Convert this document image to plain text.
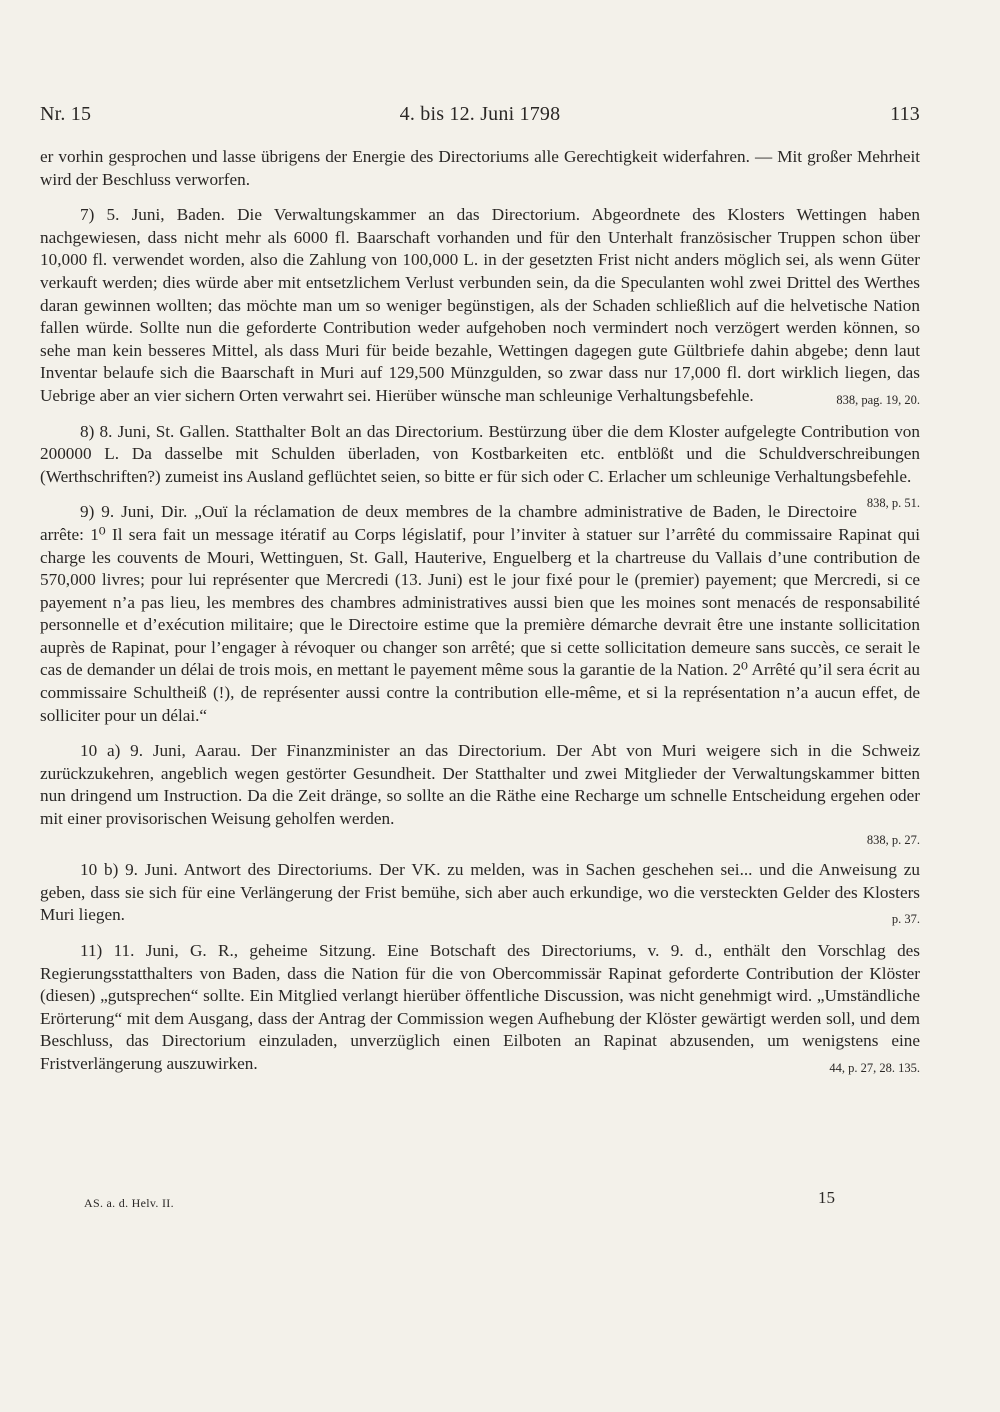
Nr. 15	4. bis 12. Juni 1798	113

er vorhin gesprochen und lasse übrigens der Energie des Directoriums alle Gerechtigkeit widerfahren. — Mit großer Mehrheit wird der Beschluss verworfen.

7) 5. Juni, Baden. Die Verwaltungskammer an das Directorium. Abgeordnete des Klosters Wettingen haben nachgewiesen, dass nicht mehr als 6000 fl. Baarschaft vorhanden und für den Unterhalt französischer Truppen schon über 10,000 fl. verwendet worden, also die Zahlung von 100,000 L. in der gesetzten Frist nicht anders möglich sei, als wenn Güter verkauft werden; dies würde aber mit entsetzlichem Verlust verbunden sein, da die Speculanten wohl zwei Drittel des Werthes daran gewinnen wollten; das möchte man um so weniger begünstigen, als der Schaden schließlich auf die helvetische Nation fallen würde. Sollte nun die geforderte Contribution weder aufgehoben noch vermindert noch verzögert werden können, so sehe man kein besseres Mittel, als dass Muri für beide bezahle, Wettingen dagegen gute Gültbriefe dahin abgebe; denn laut Inventar belaufe sich die Baarschaft in Muri auf 129,500 Münzgulden, so zwar dass nur 17,000 fl. dort wirklich liegen, das Uebrige aber an vier sichern Orten verwahrt sei. Hierüber wünsche man schleunige Verhaltungsbefehle.	838, pag. 19, 20.

8) 8. Juni, St. Gallen. Statthalter Bolt an das Directorium. Bestürzung über die dem Kloster aufgelegte Contribution von 200000 L. Da dasselbe mit Schulden überladen, von Kostbarkeiten etc. entblößt und die Schuldverschreibungen (Werthschriften?) zumeist ins Ausland geflüchtet seien, so bitte er für sich oder C. Erlacher um schleunige Verhaltungsbefehle.
838, p. 51.

9) 9. Juni, Dir. „Ouï la réclamation de deux membres de la chambre administrative de Baden, le Directoire arrête: 1⁰ Il sera fait un message itératif au Corps législatif, pour l’inviter à statuer sur l’arrêté du commissaire Rapinat qui charge les couvents de Mouri, Wettinguen, St. Gall, Hauterive, Enguelberg et la chartreuse du Vallais d’une contribution de 570,000 livres; pour lui représenter que Mercredi (13. Juni) est le jour fixé pour le (premier) payement; que Mercredi, si ce payement n’a pas lieu, les membres des chambres administratives aussi bien que les moines sont menacés de responsabilité personnelle et d’exécution militaire; que le Directoire estime que la première démarche devrait être une instante sollicitation auprès de Rapinat, pour l’engager à révoquer ou changer son arrêté; que si cette sollicitation demeure sans succès, ce serait le cas de demander un délai de trois mois, en mettant le payement même sous la garantie de la Nation. 2⁰ Arrêté qu’il sera écrit au commissaire Schultheiß (!), de représenter aussi contre la contribution elle-même, et si la représentation n’a aucun effet, de solliciter pour un délai.“

10 a) 9. Juni, Aarau. Der Finanzminister an das Directorium. Der Abt von Muri weigere sich in die Schweiz zurückzukehren, angeblich wegen gestörter Gesundheit. Der Statthalter und zwei Mitglieder der Verwaltungskammer bitten nun dringend um Instruction. Da die Zeit dränge, so sollte an die Räthe eine Recharge um schnelle Entscheidung ergehen oder mit einer provisorischen Weisung geholfen werden.

838, p. 27.

10 b) 9. Juni. Antwort des Directoriums. Der VK. zu melden, was in Sachen geschehen sei... und die Anweisung zu geben, dass sie sich für eine Verlängerung der Frist bemühe, sich aber auch erkundige, wo die versteckten Gelder des Klosters Muri liegen.	p. 37.

11) 11. Juni, G. R., geheime Sitzung. Eine Botschaft des Directoriums, v. 9. d., enthält den Vorschlag des Regierungsstatthalters von Baden, dass die Nation für die von Obercommissär Rapinat geforderte Contribution der Klöster (diesen) „gutsprechen“ sollte. Ein Mitglied verlangt hierüber öffentliche Discussion, was nicht genehmigt wird. „Umständliche Erörterung“ mit dem Ausgang, dass der Antrag der Commission wegen Aufhebung der Klöster gewärtigt werden soll, und dem Beschluss, das Directorium einzuladen, unverzüglich einen Eilboten an Rapinat abzusenden, um wenigstens eine Fristverlängerung auszuwirken.	44, p. 27, 28. 135.

AS. a. d. Helv. II.	15
